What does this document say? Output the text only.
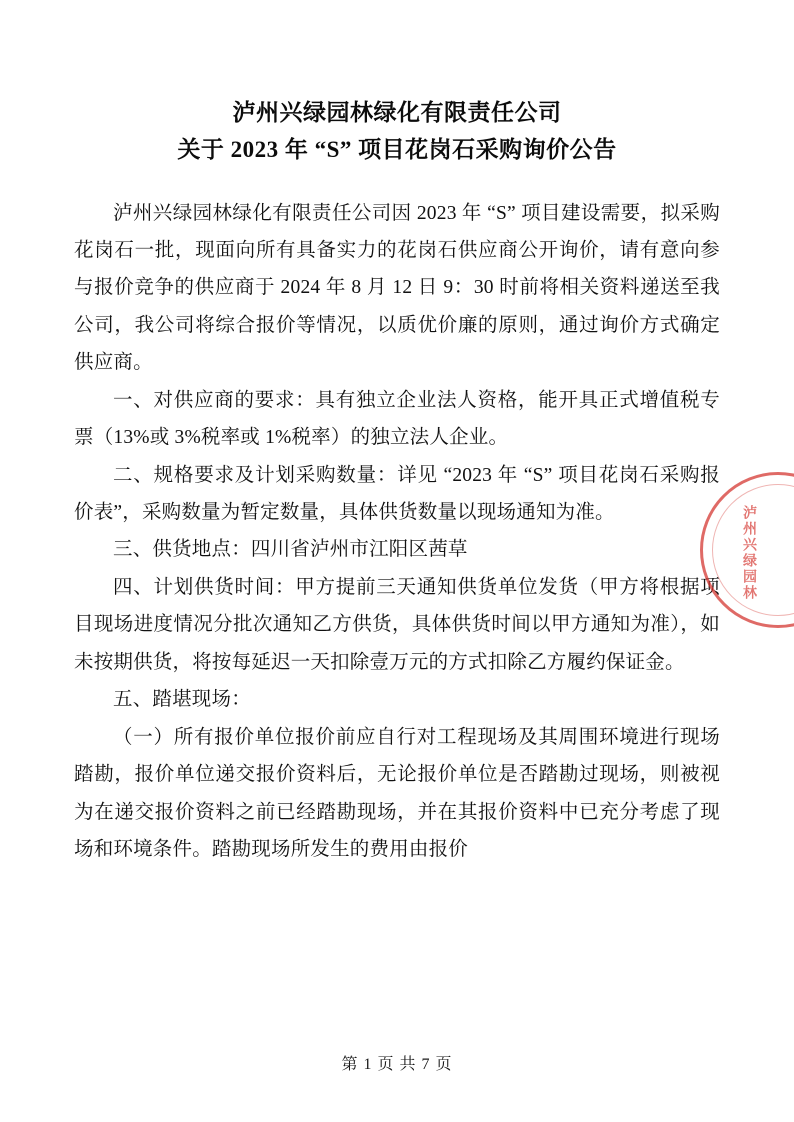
泸州兴绿园林绿化有限责任公司
关于 2023 年 “S” 项目花岗石采购询价公告

泸州兴绿园林绿化有限责任公司因 2023 年 “S” 项目建设需要，拟采购花岗石一批，现面向所有具备实力的花岗石供应商公开询价，请有意向参与报价竞争的供应商于 2024 年 8 月 12 日 9：30 时前将相关资料递送至我公司，我公司将综合报价等情况，以质优价廉的原则，通过询价方式确定供应商。

一、对供应商的要求：具有独立企业法人资格，能开具正式增值税专票（13%或 3%税率或 1%税率）的独立法人企业。

二、规格要求及计划采购数量：详见 “2023 年 “S” 项目花岗石采购报价表”，采购数量为暂定数量，具体供货数量以现场通知为准。

三、供货地点：四川省泸州市江阳区茜草

四、计划供货时间：甲方提前三天通知供货单位发货（甲方将根据项目现场进度情况分批次通知乙方供货，具体供货时间以甲方通知为准），如未按期供货，将按每延迟一天扣除壹万元的方式扣除乙方履约保证金。

五、踏堪现场：

（一）所有报价单位报价前应自行对工程现场及其周围环境进行现场踏勘，报价单位递交报价资料后，无论报价单位是否踏勘过现场，则被视为在递交报价资料之前已经踏勘现场，并在其报价资料中已充分考虑了现场和环境条件。踏勘现场所发生的费用由报价

泸州兴绿园林
第 1 页 共 7 页
